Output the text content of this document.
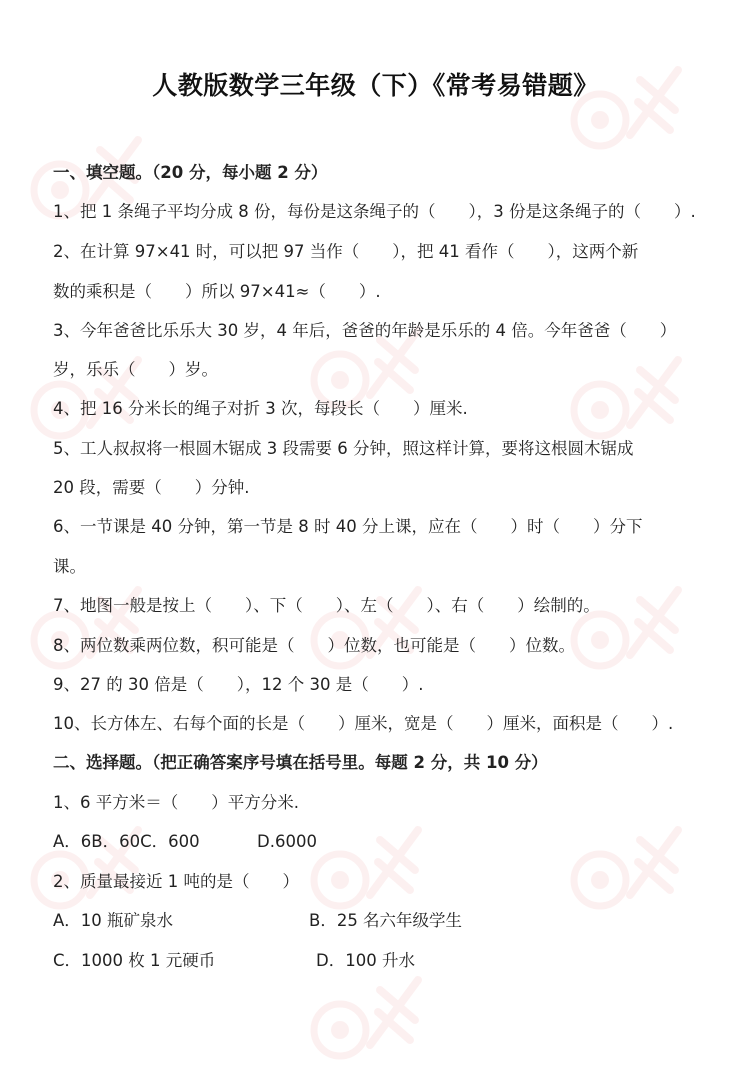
人教版数学三年级（下）《常考易错题》
一、填空题。（20 分，每小题 2 分）
1、把 1 条绳子平均分成 8 份，每份是这条绳子的（　　），3 份是这条绳子的（　　）.
2、在计算 97×41 时，可以把 97 当作（　　），把 41 看作（　　），这两个新
数的乘积是（　　）所以 97×41≈（　　）.
3、今年爸爸比乐乐大 30 岁，4 年后，爸爸的年龄是乐乐的 4 倍。今年爸爸（　　）
岁，乐乐（　　）岁。
4、把 16 分米长的绳子对折 3 次，每段长（　　）厘米.
5、工人叔叔将一根圆木锯成 3 段需要 6 分钟，照这样计算，要将这根圆木锯成
20 段，需要（　　）分钟.
6、一节课是 40 分钟，第一节是 8 时 40 分上课，应在（　　）时（　　）分下
课。
7、地图一般是按上（　　）、下（　　）、左（　　）、右（　　）绘制的。
8、两位数乘两位数，积可能是（　　）位数，也可能是（　　）位数。
9、27 的 30 倍是（　　），12 个 30 是（　　）.
10、长方体左、右每个面的长是（　　）厘米，宽是（　　）厘米，面积是（　　）.
二、选择题。（把正确答案序号填在括号里。每题 2 分，共 10 分）
1、6 平方米＝（　　）平方分米.
A．6B．60C．600	D.6000
2、质量最接近 1 吨的是（　　）
A．10 瓶矿泉水	B．25 名六年级学生
C．1000 枚 1 元硬币	D．100 升水
